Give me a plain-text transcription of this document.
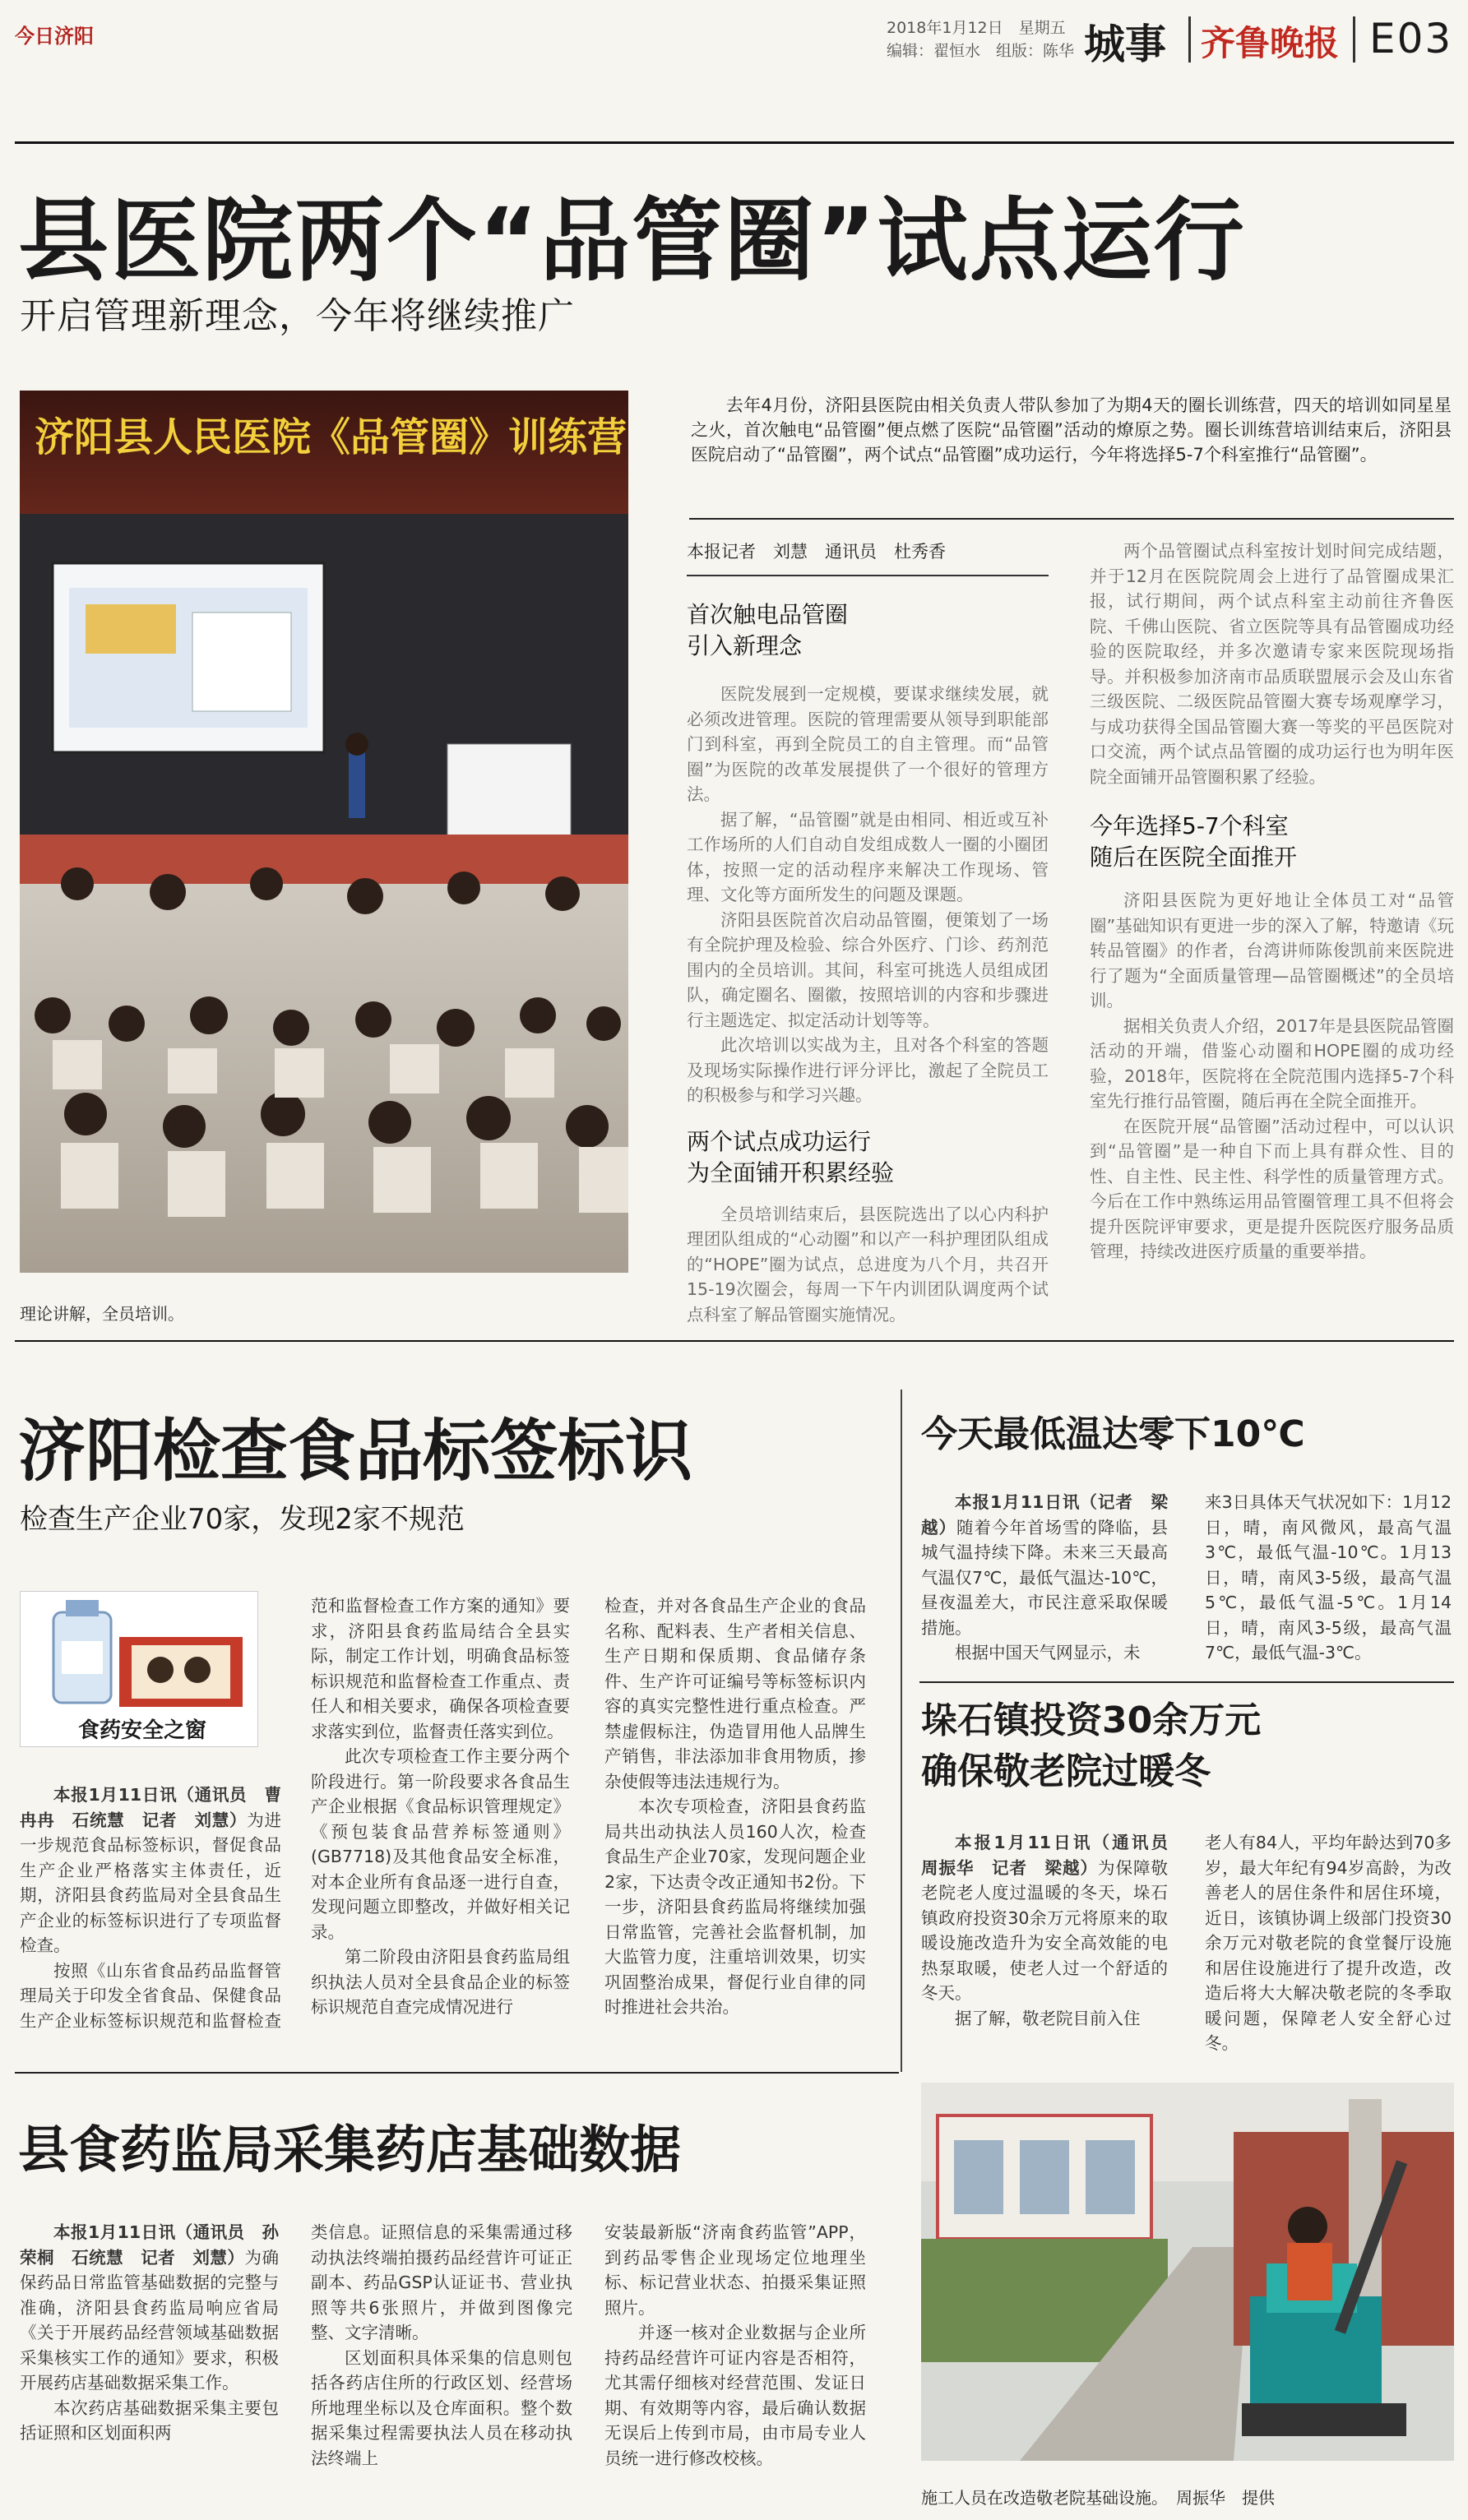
今日济阳	2018年1月12日　星期五
编辑：翟恒水　组版：陈华 城事 齐鲁晚报 E03
县医院两个“品管圈”试点运行
开启管理新理念，今年将继续推广
济阳县人民医院《品管圈》训练营
理论讲解，全员培训。
　　去年4月份，济阳县医院由相关负责人带队参加了为期4天的圈长训练营，四天的培训如同星星之火，首次触电“品管圈”便点燃了医院“品管圈”活动的燎原之势。圈长训练营培训结束后，济阳县医院启动了“品管圈”，两个试点“品管圈”成功运行，今年将选择5-7个科室推行“品管圈”。
本报记者　刘慧　通讯员　杜秀香
首次触电品管圈
引入新理念

医院发展到一定规模，要谋求继续发展，就必须改进管理。医院的管理需要从领导到职能部门到科室，再到全院员工的自主管理。而“品管圈”为医院的改革发展提供了一个很好的管理方法。

据了解，“品管圈”就是由相同、相近或互补工作场所的人们自动自发组成数人一圈的小圈团体，按照一定的活动程序来解决工作现场、管理、文化等方面所发生的问题及课题。

济阳县医院首次启动品管圈，便策划了一场有全院护理及检验、综合外医疗、门诊、药剂范围内的全员培训。其间，科室可挑选人员组成团队，确定圈名、圈徽，按照培训的内容和步骤进行主题选定、拟定活动计划等等。

此次培训以实战为主，且对各个科室的答题及现场实际操作进行评分评比，激起了全院员工的积极参与和学习兴趣。

两个试点成功运行
为全面铺开积累经验

全员培训结束后，县医院选出了以心内科护理团队组成的“心动圈”和以产一科护理团队组成的“HOPE”圈为试点，总进度为八个月，共召开15-19次圈会，每周一下午内训团队调度两个试点科室了解品管圈实施情况。

两个品管圈试点科室按计划时间完成结题，并于12月在医院院周会上进行了品管圈成果汇报，试行期间，两个试点科室主动前往齐鲁医院、千佛山医院、省立医院等具有品管圈成功经验的医院取经，并多次邀请专家来医院现场指导。并积极参加济南市品质联盟展示会及山东省三级医院、二级医院品管圈大赛专场观摩学习，与成功获得全国品管圈大赛一等奖的平邑医院对口交流，两个试点品管圈的成功运行也为明年医院全面铺开品管圈积累了经验。

今年选择5-7个科室
随后在医院全面推开

济阳县医院为更好地让全体员工对“品管圈”基础知识有更进一步的深入了解，特邀请《玩转品管圈》的作者，台湾讲师陈俊凯前来医院进行了题为“全面质量管理—品管圈概述”的全员培训。

据相关负责人介绍，2017年是县医院品管圈活动的开端，借鉴心动圈和HOPE圈的成功经验，2018年，医院将在全院范围内选择5-7个科室先行推行品管圈，随后再在全院全面推开。

在医院开展“品管圈”活动过程中，可以认识到“品管圈”是一种自下而上具有群众性、目的性、自主性、民主性、科学性的质量管理方式。今后在工作中熟练运用品管圈管理工具不但将会提升医院评审要求，更是提升医院医疗服务品质管理，持续改进医疗质量的重要举措。

济阳检查食品标签标识
检查生产企业70家，发现2家不规范
食药安全之窗

本报1月11日讯（通讯员　曹冉冉　石统慧　记者　刘慧）为进一步规范食品标签标识，督促食品生产企业严格落实主体责任，近期，济阳县食药监局对全县食品生产企业的标签标识进行了专项监督检查。

按照《山东省食品药品监督管理局关于印发全省食品、保健食品生产企业标签标识规范和监督检查

范和监督检查工作方案的通知》要求，济阳县食药监局结合全县实际，制定工作计划，明确食品标签标识规范和监督检查工作重点、责任人和相关要求，确保各项检查要求落实到位，监督责任落实到位。

此次专项检查工作主要分两个阶段进行。第一阶段要求各食品生产企业根据《食品标识管理规定》《预包装食品营养标签通则》(GB7718)及其他食品安全标准，对本企业所有食品逐一进行自查，发现问题立即整改，并做好相关记录。

第二阶段由济阳县食药监局组织执法人员对全县食品企业的标签标识规范自查完成情况进行

检查，并对各食品生产企业的食品名称、配料表、生产者相关信息、生产日期和保质期、食品储存条件、生产许可证编号等标签标识内容的真实完整性进行重点检查。严禁虚假标注，伪造冒用他人品牌生产销售，非法添加非食用物质，掺杂使假等违法违规行为。

本次专项检查，济阳县食药监局共出动执法人员160人次，检查食品生产企业70家，发现问题企业2家，下达责令改正通知书2份。下一步，济阳县食药监局将继续加强日常监管，完善社会监督机制，加大监管力度，注重培训效果，切实巩固整治成果，督促行业自律的同时推进社会共治。

今天最低温达零下10℃

本报1月11日讯（记者　梁越）随着今年首场雪的降临，县城气温持续下降。未来三天最高气温仅7℃，最低气温达-10℃，昼夜温差大，市民注意采取保暖措施。

根据中国天气网显示，未

来3日具体天气状况如下：1月12日，晴，南风微风，最高气温3℃，最低气温-10℃。1月13日，晴，南风3-5级，最高气温5℃，最低气温-5℃。1月14日，晴，南风3-5级，最高气温7℃，最低气温-3℃。

垛石镇投资30余万元
确保敬老院过暖冬

本报1月11日讯（通讯员　周振华　记者　梁越）为保障敬老院老人度过温暖的冬天，垛石镇政府投资30余万元将原来的取暖设施改造升为安全高效能的电热泵取暖，使老人过一个舒适的冬天。

据了解，敬老院目前入住

老人有84人，平均年龄达到70多岁，最大年纪有94岁高龄，为改善老人的居住条件和居住环境，近日，该镇协调上级部门投资30余万元对敬老院的食堂餐厅设施和居住设施进行了提升改造，改造后将大大解决敬老院的冬季取暖问题，保障老人安全舒心过冬。

施工人员在改造敬老院基础设施。　周振华　提供
县食药监局采集药店基础数据

本报1月11日讯（通讯员　孙荣桐　石统慧　记者　刘慧）为确保药品日常监管基础数据的完整与准确，济阳县食药监局响应省局《关于开展药品经营领域基础数据采集核实工作的通知》要求，积极开展药店基础数据采集工作。

本次药店基础数据采集主要包括证照和区划面积两

类信息。证照信息的采集需通过移动执法终端拍摄药品经营许可证正副本、药品GSP认证证书、营业执照等共6张照片，并做到图像完整、文字清晰。

区划面积具体采集的信息则包括各药店住所的行政区划、经营场所地理坐标以及仓库面积。整个数据采集过程需要执法人员在移动执法终端上

安装最新版“济南食药监管”APP，到药品零售企业现场定位地理坐标、标记营业状态、拍摄采集证照照片。

并逐一核对企业数据与企业所持药品经营许可证内容是否相符，尤其需仔细核对经营范围、发证日期、有效期等内容，最后确认数据无误后上传到市局，由市局专业人员统一进行修改校核。
